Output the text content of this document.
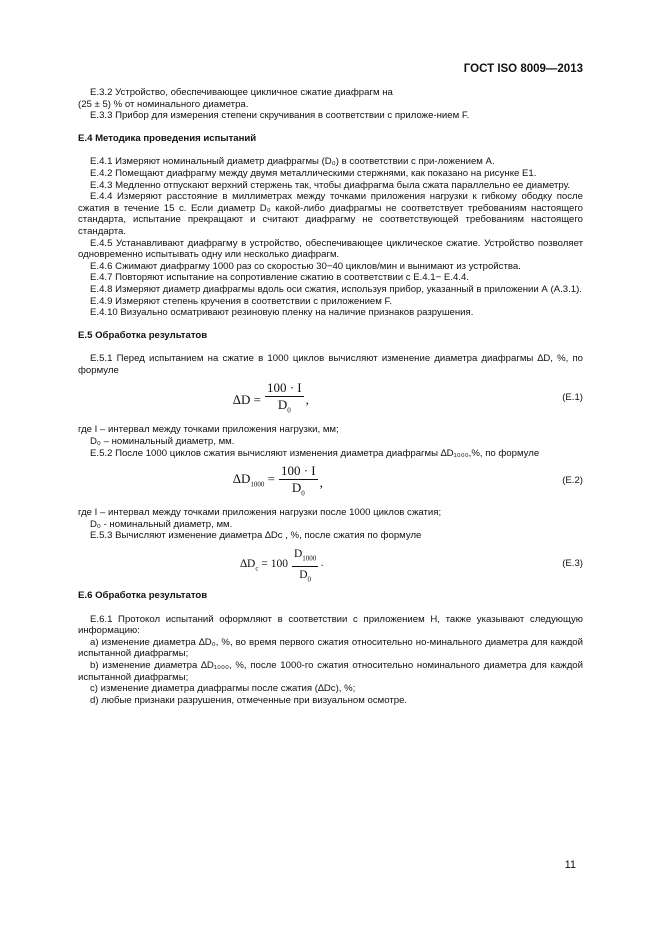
ГОСТ ISO 8009—2013

Е.3.2 Устройство, обеспечивающее цикличное сжатие диафрагм на

(25 ± 5) % от номинального диаметра.

Е.3.3 Прибор для измерения степени скручивания в соответствии с приложе-нием F.

Е.4 Методика проведения испытаний

Е.4.1 Измеряют номинальный диаметр диафрагмы (D₀) в соответствии с при-ложением А.

Е.4.2 Помещают диафрагму между двумя металлическими стержнями, как показано на рисунке Е1.

Е.4.3 Медленно отпускают верхний стержень так, чтобы диафрагма была сжата параллельно ее диаметру.

Е.4.4 Измеряют расстояние в миллиметрах между точками приложения нагрузки к гибкому ободку после сжатия в течение 15 с. Если диаметр D₀ какой-либо диафрагмы не соответствует требованиям настоящего стандарта, испытание прекращают и считают диафрагму не соответствующей требованиям настоящего стандарта.

Е.4.5 Устанавливают диафрагму в устройство, обеспечивающее циклическое сжатие. Устройство позволяет одновременно испытывать одну или несколько диафрагм.

Е.4.6 Сжимают диафрагму 1000 раз со скоростью 30−40 циклов/мин и вынимают из устройства.

Е.4.7 Повторяют испытание на сопротивление сжатию в соответствии с Е.4.1− Е.4.4.

Е.4.8 Измеряют диаметр диафрагмы вдоль оси сжатия, используя прибор, указанный в приложении А (А.3.1).

Е.4.9 Измеряют степень кручения в соответствии с приложением F.

Е.4.10 Визуально осматривают резиновую пленку на наличие признаков разрушения.

Е.5 Обработка результатов

Е.5.1 Перед испытанием на сжатие в 1000 циклов вычисляют изменение диаметра диафрагмы ∆D, %, по формуле

$\Delta D = \frac{100 \cdot I}{D_0}$ ,	(Е.1)

где I – интервал между точками приложения нагрузки, мм;

D₀ – номинальный диаметр, мм.

Е.5.2 После 1000 циклов сжатия вычисляют изменения диаметра диафрагмы ∆D₁₀₀₀,%, по формуле

$\Delta D_{1000} = \frac{100 \cdot I}{D_0}$ ,	(Е.2)

где I – интервал между точками приложения нагрузки после 1000 циклов сжатия;

D₀ - номинальный диаметр, мм.

Е.5.3 Вычисляют изменение диаметра ∆Dc , %, после сжатия по формуле

$\Delta D_c = 100 \frac{D_{1000}}{D_0}$ ·	(Е.3)

Е.6 Обработка результатов

Е.6.1 Протокол испытаний оформляют в соответствии с приложением Н, также указывают следующую информацию:

а) изменение диаметра ∆D₀, %, во время первого сжатия относительно но-минального диаметра для каждой испытанной диафрагмы;

b) изменение диаметра ∆D₁₀₀₀, %, после 1000-го сжатия относительно номинального диаметра для каждой испытанной диафрагмы;

с) изменение диаметра диафрагмы после сжатия (∆Dc), %;

d) любые признаки разрушения, отмеченные при визуальном осмотре.

11
